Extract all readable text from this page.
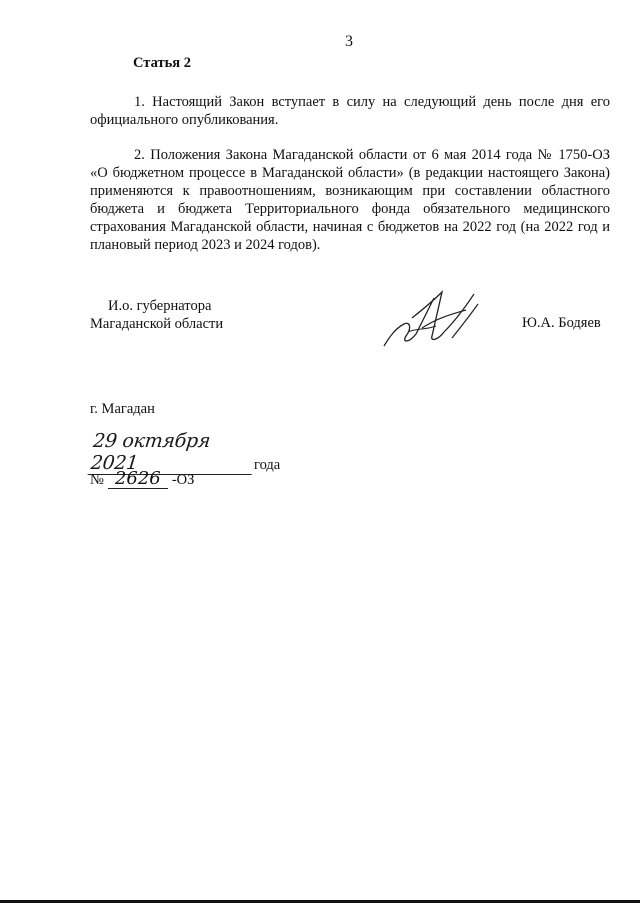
3
Статья 2
1. Настоящий Закон вступает в силу на следующий день после дня его официального опубликования.
2. Положения Закона Магаданской области от 6 мая 2014 года № 1750-ОЗ «О бюджетном процессе в Магаданской области» (в редакции настоящего Закона) применяются к правоотношениям, возникающим при составлении областного бюджета и бюджета Территориального фонда обязательного медицинского страхования Магаданской области, начиная с бюджетов на 2022 год (на 2022 год и плановый период 2023 и 2024 годов).
И.о. губернатора
Магаданской области	Ю.А. Бодяев
г. Магадан
29 октября 2021	года
№ 2626 -ОЗ
